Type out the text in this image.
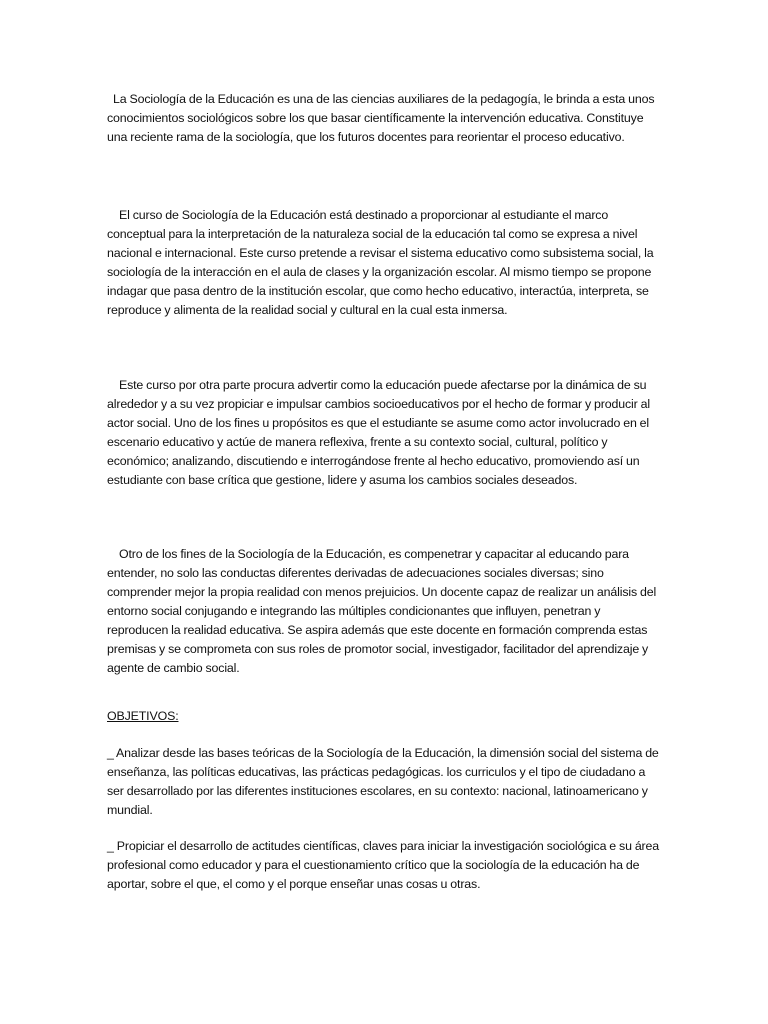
La Sociología de la Educación es una de las ciencias auxiliares de la pedagogía, le brinda a esta unos conocimientos sociológicos sobre los que basar científicamente la intervención educativa. Constituye una reciente rama de la sociología, que los futuros docentes para reorientar el proceso educativo.

El curso de Sociología de la Educación está destinado a proporcionar al estudiante el marco conceptual para la interpretación de la naturaleza social de la educación tal como se expresa a nivel nacional e internacional. Este curso pretende a revisar el sistema educativo como subsistema social, la sociología de la interacción en el aula de clases y la organización escolar. Al mismo tiempo se propone indagar que pasa dentro de la institución escolar, que como hecho educativo, interactúa, interpreta, se reproduce y alimenta de la realidad social y cultural en la cual esta inmersa.

Este curso por otra parte procura advertir como la educación puede afectarse por la dinámica de su alrededor y a su vez propiciar e impulsar cambios socioeducativos por el hecho de formar y producir al actor social. Uno de los fines u propósitos es que el estudiante se asume como actor involucrado en el escenario educativo y actúe de manera reflexiva, frente a su contexto social, cultural, político y económico; analizando, discutiendo e interrogándose frente al hecho educativo, promoviendo así un estudiante con base crítica que gestione, lidere y asuma los cambios sociales deseados.

Otro de los fines de la Sociología de la Educación, es compenetrar y capacitar al educando para entender, no solo las conductas diferentes derivadas de adecuaciones sociales diversas; sino comprender mejor la propia realidad con menos prejuicios. Un docente capaz de realizar un análisis del entorno social conjugando e integrando las múltiples condicionantes que influyen, penetran y reproducen la realidad educativa. Se aspira además que este docente en formación comprenda estas premisas y se comprometa con sus roles de promotor social, investigador, facilitador del aprendizaje y agente de cambio social.

OBJETIVOS:

_ Analizar desde las bases teóricas de la Sociología de la Educación, la dimensión social del sistema de enseñanza, las políticas educativas, las prácticas pedagógicas. los curriculos y el tipo de ciudadano a ser desarrollado por las diferentes instituciones escolares, en su contexto: nacional, latinoamericano y mundial.

_ Propiciar el desarrollo de actitudes científicas, claves para iniciar la investigación sociológica e su área profesional como educador y para el cuestionamiento crítico que la sociología de la educación ha de aportar, sobre el que, el como y el porque enseñar unas cosas u otras.
